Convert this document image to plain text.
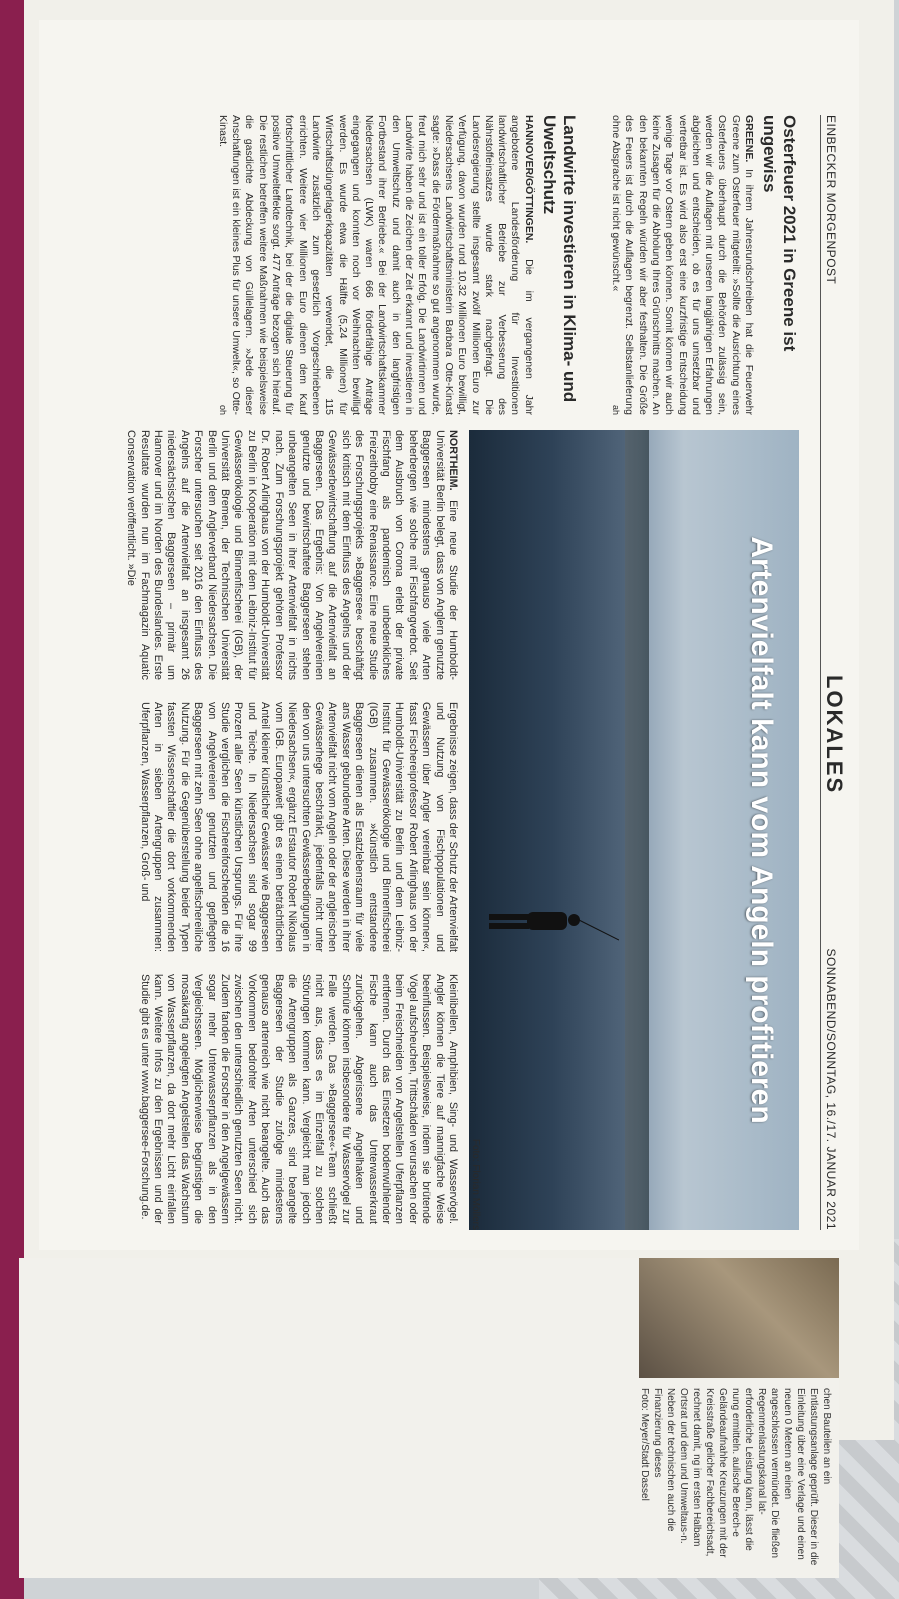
EINBECKER MORGENPOST
LOKALES
SONNABEND/SONNTAG, 16./17. JANUAR 2021
Osterfeuer 2021 in Greene ist ungewiss

GREENE. In ihrem Jahresrundschreiben hat die Feuerwehr Greene zum Osterfeuer mitgeteilt: »Sollte die Ausrichtung eines Osterfeuers überhaupt durch die Behörden zulässig sein, werden wir die Auflagen mit unseren langjährigen Erfahrungen abgleichen und entscheiden, ob es für uns umsetzbar und vertretbar ist. Es wird also erst eine kurzfristige Entscheidung wenige Tage vor Ostern geben können. Somit können wir auch keine Zusagen für die Abholung Ihres Grünschnitts machen. An den bekannten Regeln würden wir aber festhalten. Die Größe des Feuers ist durch die Auflagen begrenzt. Selbstanlieferung ohne Absprache ist nicht gewünscht.«
ah

Landwirte investieren in Klima- und Uweltschutz

HANNOVER/GÖTTINGEN. Die im vergangenen Jahr angebotene Landesförderung für Investitionen landwirtschaftlicher Betriebe zur Verbesserung des Nährstoffeinsatzes wurde stark nachgefragt. Die Landesregierung stellte insgesamt zwölf Millionen Euro zur Verfügung, davon wurden rund 10,32 Millionen Euro bewilligt, Niedersachsens Landwirtschaftsministerin Barbara Otte-Kinast sagte: »Dass die Fördermaßnahme so gut angenommen wurde, freut mich sehr und ist ein toller Erfolg. Die Landwirtinnen und Landwirte haben die Zeichen der Zeit erkannt und investieren in den Umweltschutz und damit auch in den langfristigen Fortbestand ihrer Betriebe.« Bei der Landwirtschaftskammer Niedersachsen (LWK) waren 666 förderfähige Anträge eingegangen und konnten noch vor Weihnachten bewilligt werden. Es wurde etwa die Hälfte (5,24 Millionen) für Wirtschaftsdüngerlagerkapazitäten verwendet, die 115 Landwirte zusätzlich zum gesetzlich Vorgeschriebenen errichten. Weitere vier Millionen Euro dienen dem Kauf fortschrittlicher Landtechnik, bei der die digitale Steuerung für positive Umwelteffekte sorgt. 477 Anträge bezogen sich hierauf. Die restlichen betreffen weitere Maßnahmen wie beispielsweise die gasdichte Abdeckung von Güllelagern. »Jede dieser Anschaffungen ist ein kleines Plus für unsere Umwelt«, so Otte-Kinast.
oh

Artenvielfalt kann vom Angeln profitieren
Foto: Florian Möllers

NORTHEIM. Eine neue Studie der Humboldt-Universität Berlin belegt, dass von Anglern genutzte Baggerseen mindestens genauso viele Arten beherbergen wie solche mit Fischfangverbot. Seit dem Ausbruch von Corona erlebt der private Fischfang als pandemisch unbedenkliches Freizeithobby eine Renaissance. Eine neue Studie des Forschungsprojekts »Baggersee« beschäftigt sich kritisch mit dem Einfluss des Angelns und der Gewässerbewirtschaftung auf die Artenvielfalt an Baggerseen. Das Ergebnis: Von Angelvereinen genutzte und bewirtschaftete Baggerseen stehen unbeangelten Seen in ihrer Artenvielfalt in nichts nach. Zum Forschungsprojekt gehören Professor Dr. Robert Arlinghaus von der Humboldt-Universität zu Berlin in Kooperation mit dem Leibniz-Institut für Gewässerökologie und Binnenfischerei (IGB), der Universität Bremen, der Technischen Universität Berlin und dem Anglerverband Niedersachsen. Die Forscher untersuchen seit 2016 den Einfluss des Angelns auf die Artenvielfalt an insgesamt 26 niedersächsischen Baggerseen – primär um Hannover und im Norden des Bundeslandes. Erste Resultate wurden nun im Fachmagazin Aquatic Conservation veröffentlicht. »Die

Ergebnisse zeigen, dass der Schutz der Artenvielfalt und Nutzung von Fischpopulationen und Gewässern über Angler vereinbar sein können«, fasst Fischereiprofessor Robert Arlinghaus von der Humboldt-Universität zu Berlin und dem Leibniz-Institut für Gewässerökologie und Binnenfischerei (IGB) zusammen. »Künstlich entstandene Baggerseen dienen als Ersatzlebensraum für viele ans Wasser gebundene Arten. Diese werden in ihrer Artenvielfalt nicht vom Angeln oder der anglerischen Gewässerhege beschränkt, jedenfalls nicht unter den von uns untersuchten Gewässerbedingungen in Niedersachsen«, ergänzt Erstautor Robert Nikolaus vom IGB. Europaweit gibt es einen beträchtlichen Anteil kleiner künstlicher Gewässer wie Baggerseen und Teiche. In Niedersachsen sind sogar 99 Prozent aller Seen künstlichen Ursprungs. Für ihre Studie verglichen die Fischereiforschenden die 16 von Angelvereinen genutzten und gepflegten Baggerseen mit zehn Seen ohne angelfischereiliche Nutzung. Für die Gegenüberstellung beider Typen fassten Wissenschaftler die dort vorkommenden Arten in sieben Artengruppen zusammen: Uferpflanzen, Wasserpflanzen, Groß- und

Kleinlibellen, Amphibien, Sing- und Wasservögel. Angler können die Tiere auf mannigfache Weise beeinflussen. Beispielsweise, indem sie brütende Vögel aufscheuchen, Trittschäden verursachen oder beim Freischneiden von Angelstellen Uferpflanzen entfernen. Durch das Einsetzen bodenwühlender Fische kann auch das Unterwasserkraut zurückgehen. Abgerissene Angelhaken und Schnüre können insbesondere für Wasservögel zur Falle werden. Das »Baggersee«-Team schließt nicht aus, dass es im Einzelfall zu solchen Störungen kommen kann. Vergleicht man jedoch die Artengruppen als Ganzes, sind beangelte Baggerseen der Studie zufolge mindestens genauso artenreich wie nicht beangelte. Auch das Vorkommen bedrohter Arten unterschied sich zwischen den unterschiedlich genutzten Seen nicht. Zudem fanden die Forscher in den Angelgewässern sogar mehr Unterwasserpflanzen als in den Vergleichsseen. Möglicherweise begünstigen die mosaikartig angelegten Angelstellen das Wachstum von Wasserpflanzen, da dort mehr Licht einfallen kann. Weitere Infos zu den Ergebnissen und der Studie gibt es unter www.baggersee-Forschung.de.

chen Bauteilen an ein Entlastungsanlage geprüft. Dieser in die Einleitung über eine Verlage und einen neuen 0 Metern an einen angeschlossen vermündet. Die fließen Regenmenlastungskanal lat-erforderliche Leistung kann, lässt die nung ermitteln. aulische Berech-e Geländeaufnahhe Kreuzungen mit der Kreisstraße gelicher Fachbereichsadt, rechnet damit, ng im ersten Halbam Ortsrat und dem und Umweltaus-n. Neben der technischen auch die Finanzierung dieses
Foto: Meyer/Stadt Dassel
